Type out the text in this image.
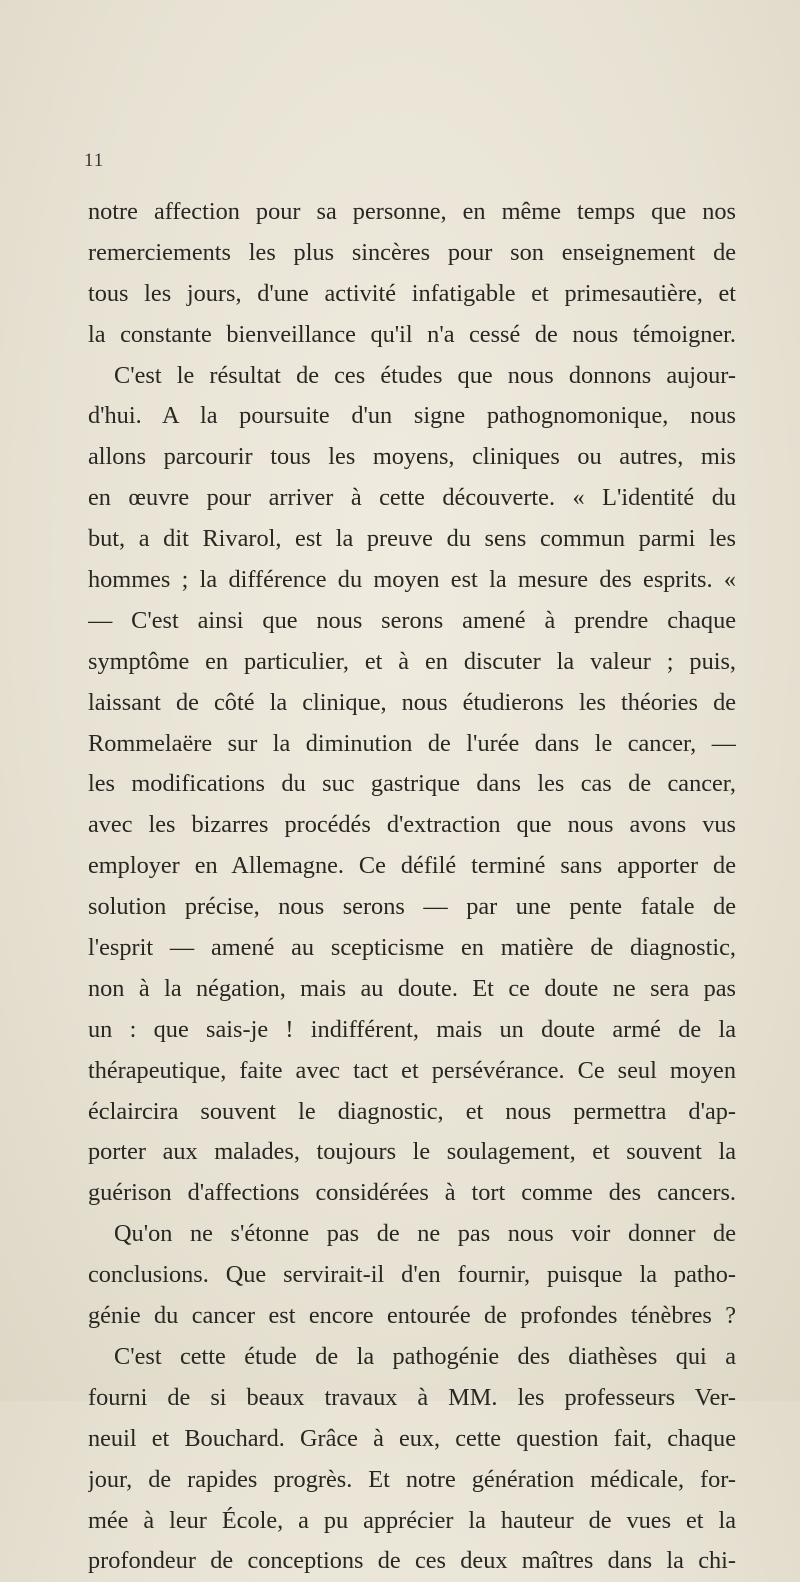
11
notre affection pour sa personne, en même temps que nos
remerciements les plus sincères pour son enseignement de
tous les jours, d'une activité infatigable et primesautière, et
la constante bienveillance qu'il n'a cessé de nous témoigner.
C'est le résultat de ces études que nous donnons aujour-
d'hui. A la poursuite d'un signe pathognomonique, nous
allons parcourir tous les moyens, cliniques ou autres, mis
en œuvre pour arriver à cette découverte. « L'identité du
but, a dit Rivarol, est la preuve du sens commun parmi les
hommes ; la différence du moyen est la mesure des esprits. «
— C'est ainsi que nous serons amené à prendre chaque
symptôme en particulier, et à en discuter la valeur ; puis,
laissant de côté la clinique, nous étudierons les théories de
Rommelaëre sur la diminution de l'urée dans le cancer, —
les modifications du suc gastrique dans les cas de cancer,
avec les bizarres procédés d'extraction que nous avons vus
employer en Allemagne. Ce défilé terminé sans apporter de
solution précise, nous serons — par une pente fatale de
l'esprit — amené au scepticisme en matière de diagnostic,
non à la négation, mais au doute. Et ce doute ne sera pas
un : que sais-je ! indifférent, mais un doute armé de la
thérapeutique, faite avec tact et persévérance. Ce seul moyen
éclaircira souvent le diagnostic, et nous permettra d'ap-
porter aux malades, toujours le soulagement, et souvent la
guérison d'affections considérées à tort comme des cancers.
Qu'on ne s'étonne pas de ne pas nous voir donner de
conclusions. Que servirait-il d'en fournir, puisque la patho-
génie du cancer est encore entourée de profondes ténèbres ?
C'est cette étude de la pathogénie des diathèses qui a
fourni de si beaux travaux à MM. les professeurs Ver-
neuil et Bouchard. Grâce à eux, cette question fait, chaque
jour, de rapides progrès. Et notre génération médicale, for-
mée à leur École, a pu apprécier la hauteur de vues et la
profondeur de conceptions de ces deux maîtres dans la chi-
